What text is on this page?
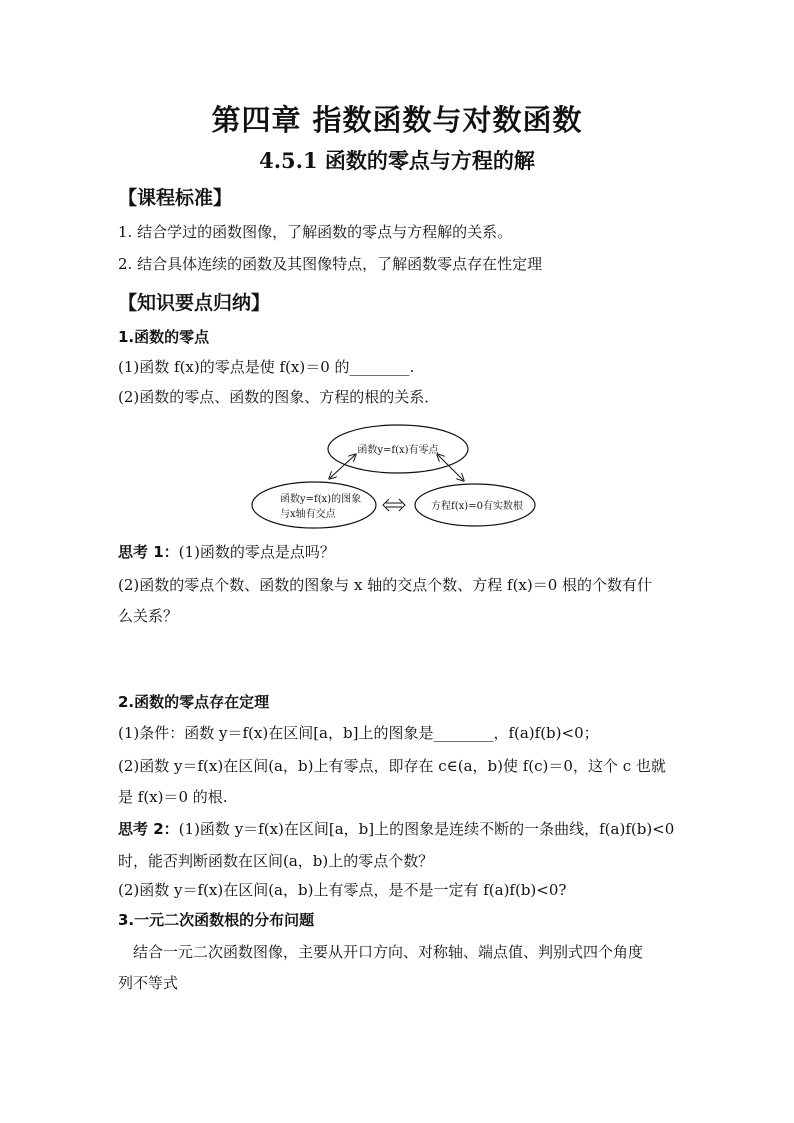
第四章 指数函数与对数函数
4.5.1 函数的零点与方程的解
【课程标准】
1. 结合学过的函数图像，了解函数的零点与方程解的关系。
2. 结合具体连续的函数及其图像特点，了解函数零点存在性定理
【知识要点归纳】
1.函数的零点
(1)函数 f(x)的零点是使 f(x)＝0 的________.
(2)函数的零点、函数的图象、方程的根的关系．
函数y=f(x)有零点
函数y=f(x)的图象
与x轴有交点
方程f(x)=0有实数根
思考 1：(1)函数的零点是点吗？
(2)函数的零点个数、函数的图象与 x 轴的交点个数、方程 f(x)＝0 根的个数有什
么关系？
2.函数的零点存在定理
(1)条件：函数 y＝f(x)在区间[a，b]上的图象是________，f(a)f(b)<0；
(2)函数 y＝f(x)在区间(a，b)上有零点，即存在 c∈(a，b)使 f(c)＝0，这个 c 也就
是 f(x)＝0 的根.
思考 2：(1)函数 y＝f(x)在区间[a，b]上的图象是连续不断的一条曲线，f(a)f(b)<0
时，能否判断函数在区间(a，b)上的零点个数？
(2)函数 y＝f(x)在区间(a，b)上有零点，是不是一定有 f(a)f(b)<0?
3.一元二次函数根的分布问题
结合一元二次函数图像，主要从开口方向、对称轴、端点值、判别式四个角度
列不等式
